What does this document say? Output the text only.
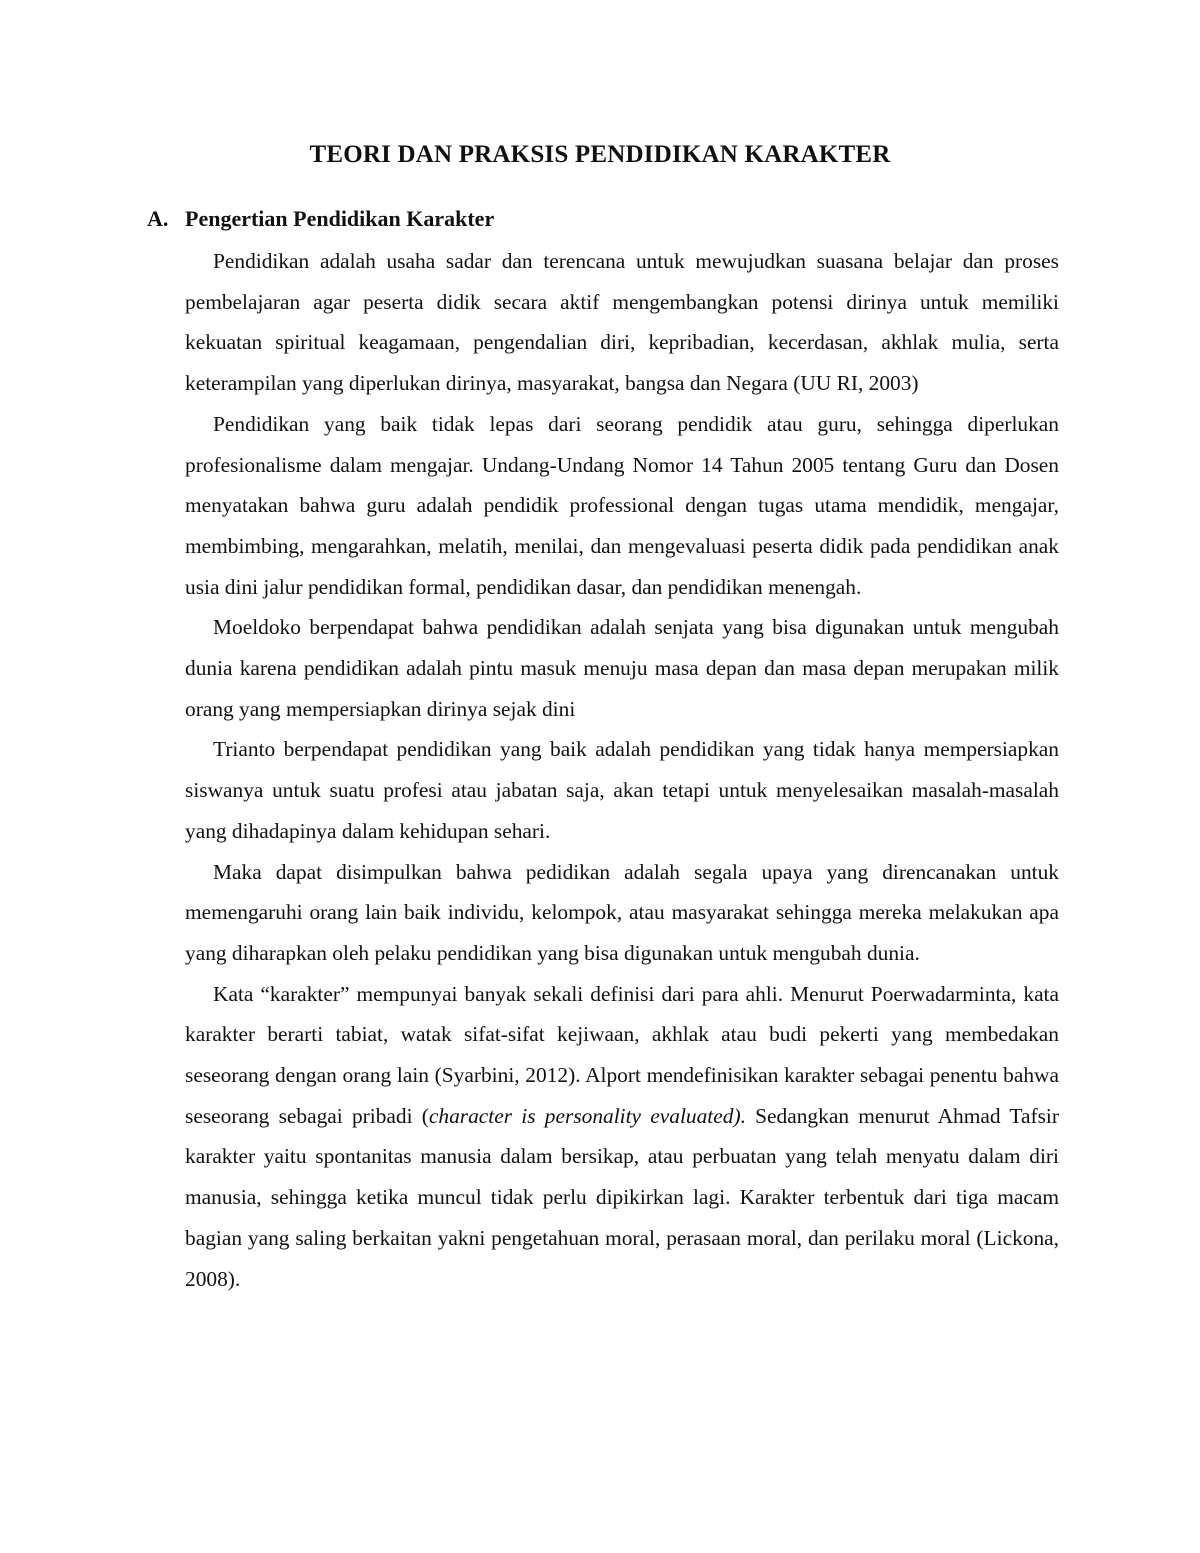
TEORI DAN PRAKSIS PENDIDIKAN KARAKTER
A. Pengertian Pendidikan Karakter

Pendidikan adalah usaha sadar dan terencana untuk mewujudkan suasana belajar dan proses pembelajaran agar peserta didik secara aktif mengembangkan potensi dirinya untuk memiliki kekuatan spiritual keagamaan, pengendalian diri, kepribadian, kecerdasan, akhlak mulia, serta keterampilan yang diperlukan dirinya, masyarakat, bangsa dan Negara (UU RI, 2003)

Pendidikan yang baik tidak lepas dari seorang pendidik atau guru, sehingga diperlukan profesionalisme dalam mengajar. Undang-Undang Nomor 14 Tahun 2005 tentang Guru dan Dosen menyatakan bahwa guru adalah pendidik professional dengan tugas utama mendidik, mengajar, membimbing, mengarahkan, melatih, menilai, dan mengevaluasi peserta didik pada pendidikan anak usia dini jalur pendidikan formal, pendidikan dasar, dan pendidikan menengah.

Moeldoko berpendapat bahwa pendidikan adalah senjata yang bisa digunakan untuk mengubah dunia karena pendidikan adalah pintu masuk menuju masa depan dan masa depan merupakan milik orang yang mempersiapkan dirinya sejak dini

Trianto berpendapat pendidikan yang baik adalah pendidikan yang tidak hanya mempersiapkan siswanya untuk suatu profesi atau jabatan saja, akan tetapi untuk menyelesaikan masalah-masalah yang dihadapinya dalam kehidupan sehari.

Maka dapat disimpulkan bahwa pedidikan adalah segala upaya yang direncanakan untuk memengaruhi orang lain baik individu, kelompok, atau masyarakat sehingga mereka melakukan apa yang diharapkan oleh pelaku pendidikan yang bisa digunakan untuk mengubah dunia.

Kata “karakter” mempunyai banyak sekali definisi dari para ahli. Menurut Poerwadarminta, kata karakter berarti tabiat, watak sifat-sifat kejiwaan, akhlak atau budi pekerti yang membedakan seseorang dengan orang lain (Syarbini, 2012). Alport mendefinisikan karakter sebagai penentu bahwa seseorang sebagai pribadi (character is personality evaluated). Sedangkan menurut Ahmad Tafsir karakter yaitu spontanitas manusia dalam bersikap, atau perbuatan yang telah menyatu dalam diri manusia, sehingga ketika muncul tidak perlu dipikirkan lagi. Karakter terbentuk dari tiga macam bagian yang saling berkaitan yakni pengetahuan moral, perasaan moral, dan perilaku moral (Lickona, 2008).
